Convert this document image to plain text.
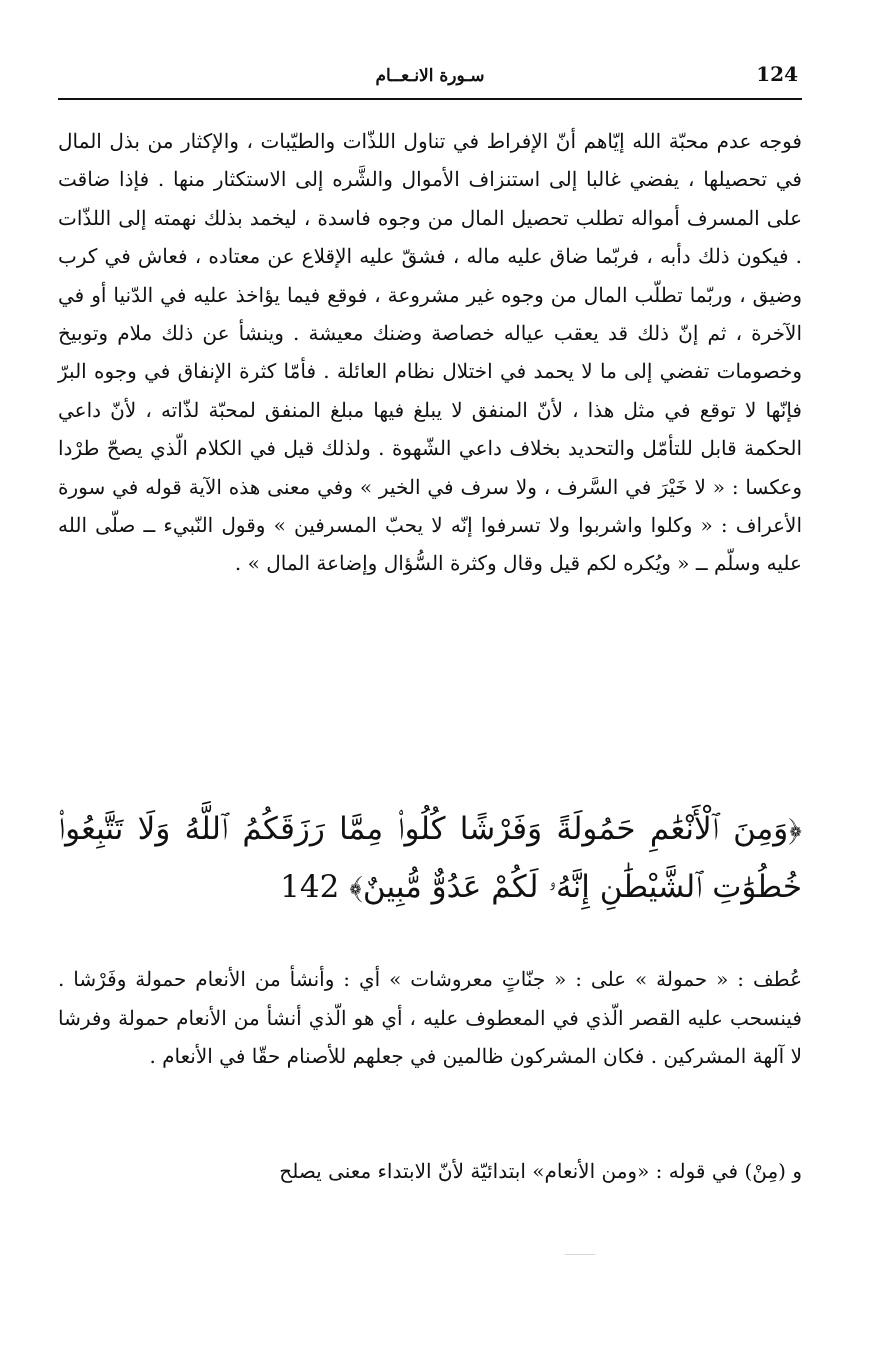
124
سـورة الانـعــام
فوجه عدم محبّة الله إيّاهم أنّ الإفراط في تناول اللذّات والطيّبات ، والإكثار من بذل المال في تحصيلها ، يفضي غالبا إلى استنزاف الأموال والشَّره إلى الاستكثار منها . فإذا ضاقت على المسرف أمواله تطلب تحصيل المال من وجوه فاسدة ، ليخمد بذلك نهمته إلى اللذّات . فيكون ذلك دأبه ، فربّما ضاق عليه ماله ، فشقّ عليه الإقلاع عن معتاده ، فعاش في كرب وضيق ، وربّما تطلّب المال من وجوه غير مشروعة ، فوقع فيما يؤاخذ عليه في الدّنيا أو في الآخرة ، ثم إنّ ذلك قد يعقب عياله خصاصة وضنك معيشة . وينشأ عن ذلك ملام وتوبيخ وخصومات تفضي إلى ما لا يحمد في اختلال نظام العائلة . فأمّا كثرة الإنفاق في وجوه البرّ فإنّها لا توقع في مثل هذا ، لأنّ المنفق لا يبلغ فيها مبلغ المنفق لمحبّة لذّاته ، لأنّ داعي الحكمة قابل للتأمّل والتحديد بخلاف داعي الشّهوة . ولذلك قيل في الكلام الّذي يصحّ طرْدا وعكسا : « لا خَيْرَ في السَّرف ، ولا سرف في الخير » وفي معنى هذه الآية قوله في سورة الأعراف : « وكلوا واشربوا ولا تسرفوا إنّه لا يحبّ المسرفين » وقول النّبيء ــ صلّى الله عليه وسلّم ــ « ويُكره لكم قيل وقال وكثرة السُّؤال وإضاعة المال » .
﴿وَمِنَ ٱلْأَنْعَٰمِ حَمُولَةً وَفَرْشًا كُلُوا۟ مِمَّا رَزَقَكُمُ ٱللَّهُ وَلَا تَتَّبِعُوا۟ خُطُوَٰتِ ٱلشَّيْطَٰنِ إِنَّهُۥ لَكُمْ عَدُوٌّ مُّبِينٌ﴾ 142
عُطف : « حمولة » على : « جنّاتٍ معروشات » أي : وأنشأ من الأنعام حمولة وفَرْشا . فينسحب عليه القصر الّذي في المعطوف عليه ، أي هو الّذي أنشأ من الأنعام حمولة وفرشا لا آلهة المشركين . فكان المشركون ظالمين في جعلهم للأصنام حقّا في الأنعام .
و (مِنْ) في قوله : «ومن الأنعام» ابتدائيّة لأنّ الابتداء معنى يصلح
